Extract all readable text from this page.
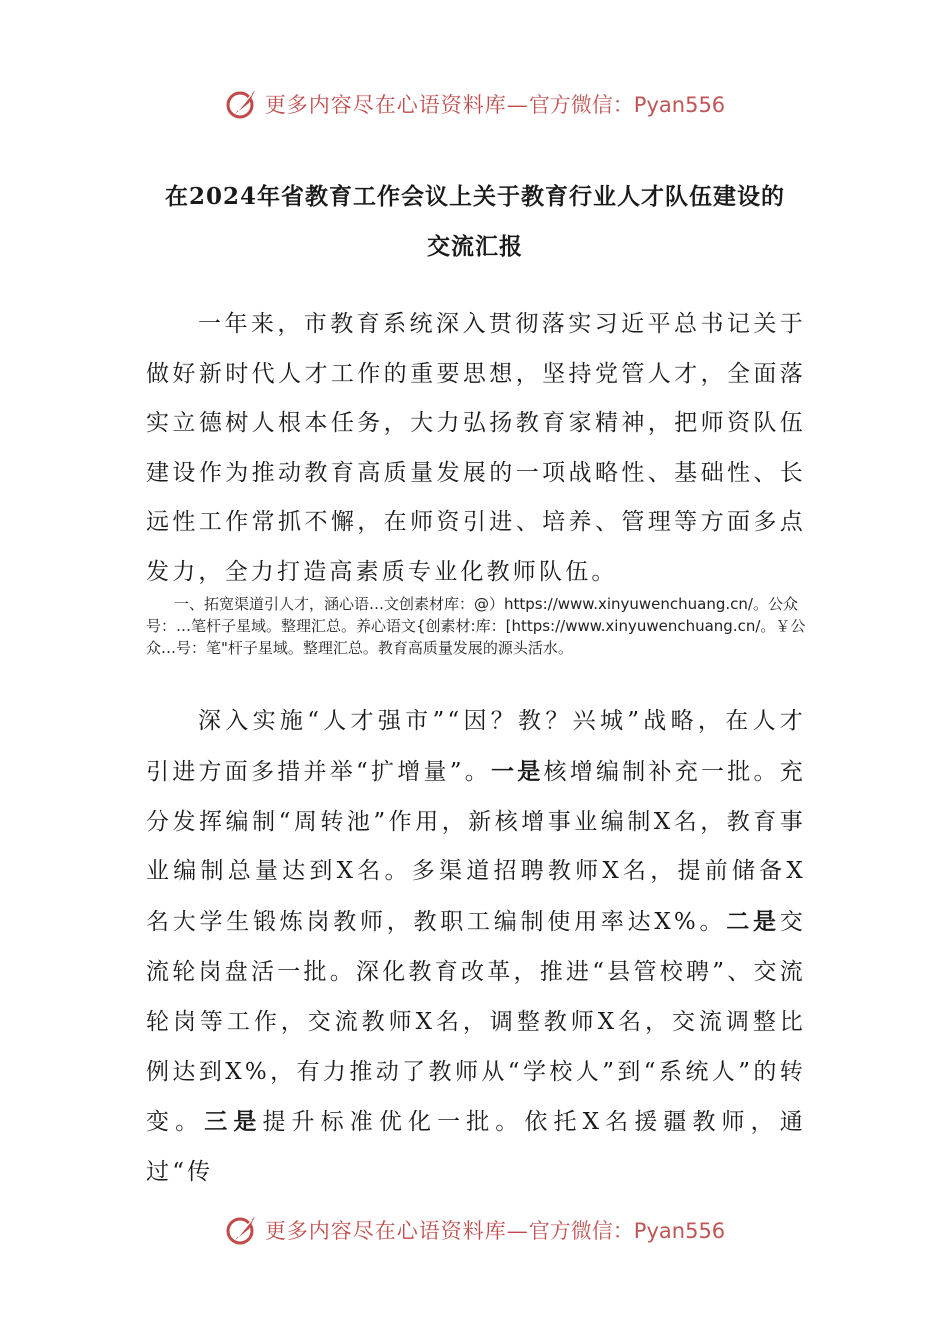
更多内容尽在心语资料库— 官方微信：Pyan556
在2024年省教育工作会议上关于教育行业人才队伍建设的
交流汇报
一年来，市教育系统深入贯彻落实习近平总书记关于做好新时代人才工作的重要思想，坚持党管人才，全面落实立德树人根本任务，大力弘扬教育家精神，把师资队伍建设作为推动教育高质量发展的一项战略性、基础性、长远性工作常抓不懈，在师资引进、培养、管理等方面多点发力，全力打造高素质专业化教师队伍。
一、拓宽渠道引人才，涵心语…文创素材库：@）https://www.xinyuwenchuang.cn/。公众号：…笔杆子星域。整理汇总。养心语文{创素材:库：[https://www.xinyuwenchuang.cn/。￥公众…号：笔"杆子星域。整理汇总。教育高质量发展的源头活水。
深入实施“人才强市”“因？教？兴城”战略，在人才引进方面多措并举“扩增量”。一是核增编制补充一批。充分发挥编制“周转池”作用，新核增事业编制X名，教育事业编制总量达到X名。多渠道招聘教师X名，提前储备X名大学生锻炼岗教师，教职工编制使用率达X%。二是交流轮岗盘活一批。深化教育改革，推进“县管校聘”、交流轮岗等工作，交流教师X名，调整教师X名，交流调整比例达到X%，有力推动了教师从“学校人”到“系统人”的转变。三是提升标准优化一批。依托X名援疆教师，通过“传
更多内容尽在心语资料库— 官方微信：Pyan556
